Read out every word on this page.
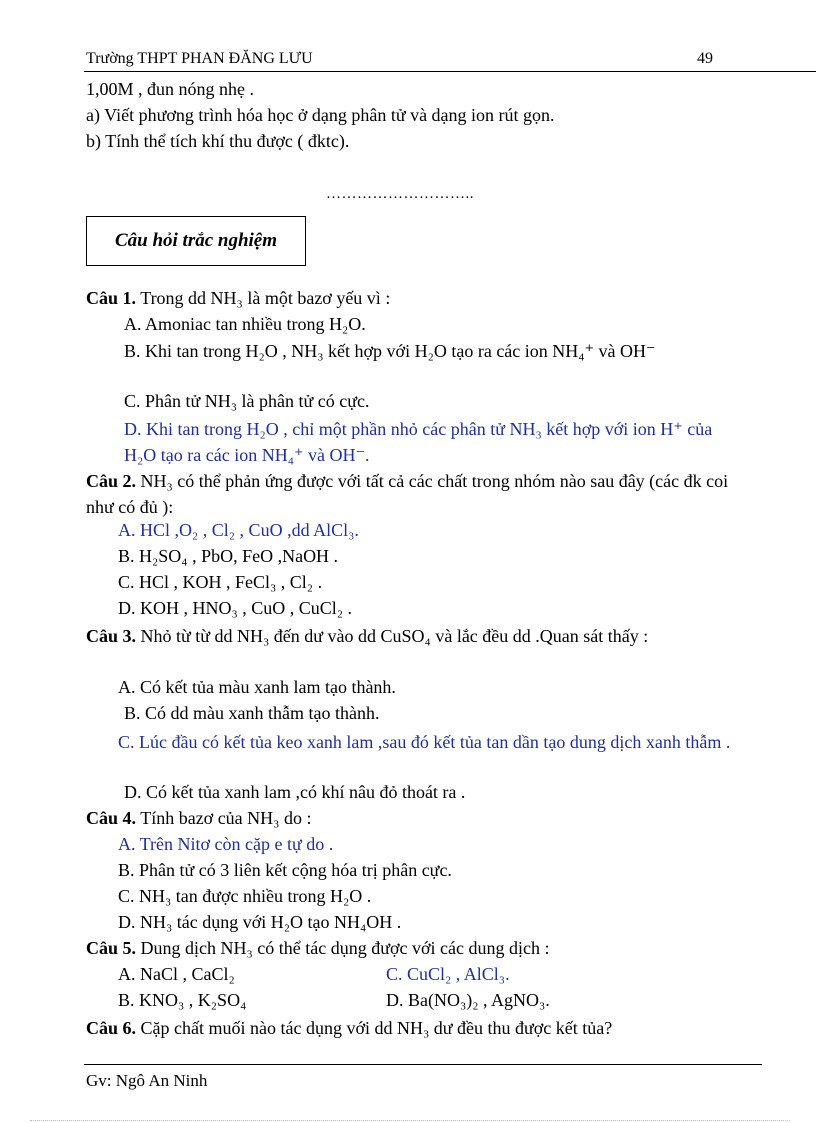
Trường THPT PHAN ĐĂNG LƯU	49
1,00M , đun nóng nhẹ .
a) Viết phương trình hóa học ở dạng phân tử và dạng ion rút gọn.
b) Tính thể tích khí thu được ( đktc).
………………………..
Câu hỏi trắc nghiệm
Câu 1. Trong dd NH₃ là một bazơ yếu vì :
A. Amoniac tan nhiều trong H₂O.
B. Khi tan trong H₂O , NH₃ kết hợp với H₂O tạo ra các ion NH₄⁺ và OH⁻
C. Phân tử NH₃ là phân tử có cực.
D. Khi tan trong H₂O , chỉ một phần nhỏ các phân tử NH₃ kết hợp với ion H⁺ của H₂O tạo ra các ion NH₄⁺ và OH⁻.
Câu 2. NH₃ có thể phản ứng được với tất cả các chất trong nhóm nào sau đây (các đk coi như có đủ ):
A. HCl ,O₂ , Cl₂ , CuO ,dd AlCl₃.
B. H₂SO₄ , PbO, FeO ,NaOH .
C. HCl , KOH , FeCl₃ , Cl₂ .
D. KOH , HNO₃ , CuO , CuCl₂ .
Câu 3. Nhỏ từ từ dd NH₃ đến dư vào dd CuSO₄ và lắc đều dd .Quan sát thấy :
A. Có kết tủa màu xanh lam tạo thành.
B. Có dd màu xanh thẫm tạo thành.
C. Lúc đầu có kết tủa keo xanh lam ,sau đó kết tủa tan dần tạo dung dịch xanh thẫm .
D. Có kết tủa xanh lam ,có khí nâu đỏ thoát ra .
Câu 4. Tính bazơ của NH₃ do :
A. Trên Nitơ còn cặp e tự do .
B. Phân tử có 3 liên kết cộng hóa trị phân cực.
C. NH₃ tan được nhiều trong H₂O .
D. NH₃ tác dụng với H₂O tạo NH₄OH .
Câu 5. Dung dịch NH₃ có thể tác dụng được với các dung dịch :
A. NaCl , CaCl₂	C. CuCl₂ , AlCl₃.
B. KNO₃ , K₂SO₄	D. Ba(NO₃)₂ , AgNO₃.
Câu 6. Cặp chất muối nào tác dụng với dd NH₃ dư đều thu được kết tủa?
Gv: Ngô An Ninh
